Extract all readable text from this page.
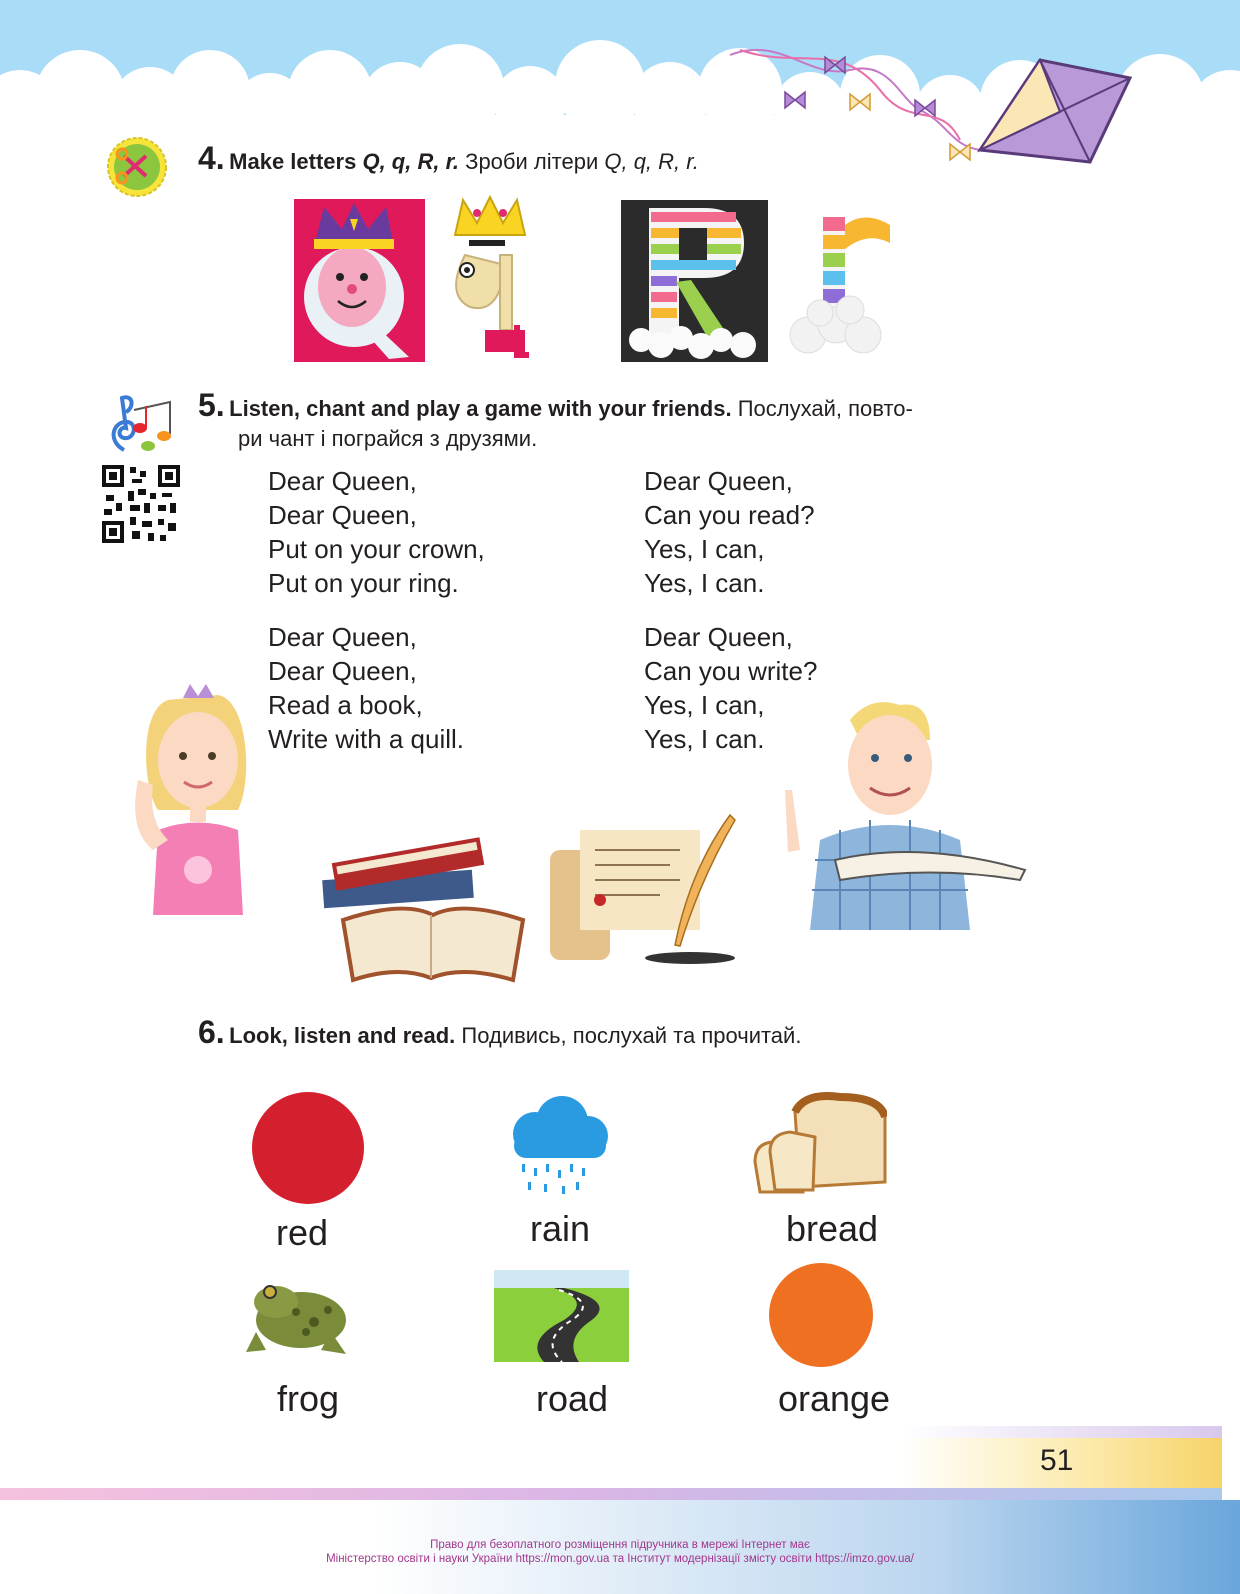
4. Make letters Q, q, R, r. Зроби літери Q, q, R, r.
5. Listen, chant and play a game with your friends. Послухай, повто-
ри чант і пограйся з друзями.
Dear Queen,
Dear Queen,
Put on your crown,
Put on your ring.
Dear Queen,
Can you read?
Yes, I can,
Yes, I can.
Dear Queen,
Dear Queen,
Read a book,
Write with a quill.
Dear Queen,
Can you write?
Yes, I can,
Yes, I can.
6. Look, listen and read. Подивись, послухай та прочитай.
red	rain	bread
frog	road	orange
51
Право для безоплатного розміщення підручника в мережі Інтернет має
Міністерство освіти і науки України https://mon.gov.ua та Інститут модернізації змісту освіти https://imzo.gov.ua/
